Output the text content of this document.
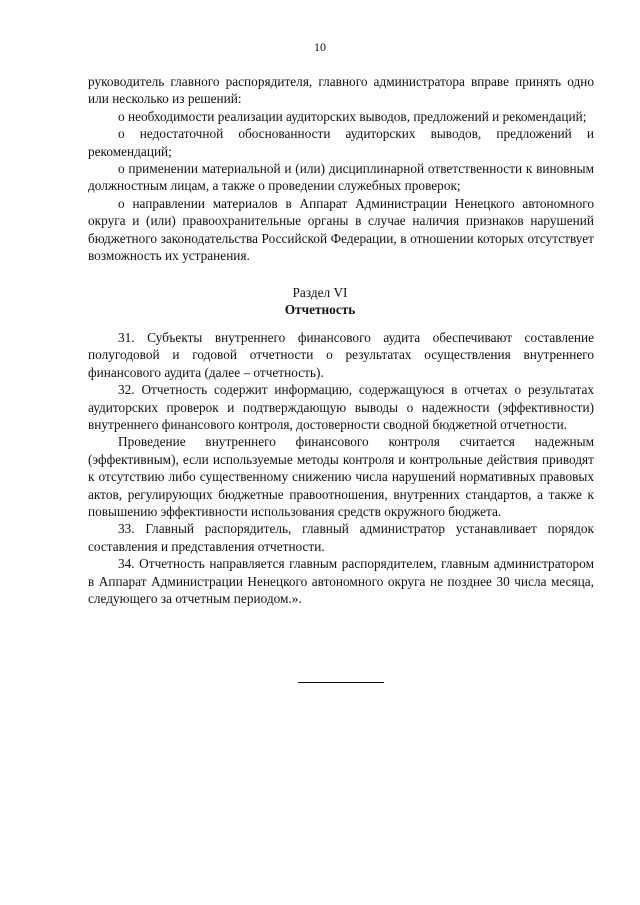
10

руководитель главного распорядителя, главного администратора вправе принять одно или несколько из решений:

о необходимости реализации аудиторских выводов, предложений и рекомендаций;

о недостаточной обоснованности аудиторских выводов, предложений и рекомендаций;

о применении материальной и (или) дисциплинарной ответственности к виновным должностным лицам, а также о проведении служебных проверок;

о направлении материалов в Аппарат Администрации Ненецкого автономного округа и (или) правоохранительные органы в случае наличия признаков нарушений бюджетного законодательства Российской Федерации, в отношении которых отсутствует возможность их устранения.

Раздел VI
Отчетность

31. Субъекты внутреннего финансового аудита обеспечивают составление полугодовой и годовой отчетности о результатах осуществления внутреннего финансового аудита (далее – отчетность).

32. Отчетность содержит информацию, содержащуюся в отчетах о результатах аудиторских проверок и подтверждающую выводы о надежности (эффективности) внутреннего финансового контроля, достоверности сводной бюджетной отчетности.

Проведение внутреннего финансового контроля считается надежным (эффективным), если используемые методы контроля и контрольные действия приводят к отсутствию либо существенному снижению числа нарушений нормативных правовых актов, регулирующих бюджетные правоотношения, внутренних стандартов, а также к повышению эффективности использования средств окружного бюджета.

33. Главный распорядитель, главный администратор устанавливает порядок составления и представления отчетности.

34. Отчетность направляется главным распорядителем, главным администратором в Аппарат Администрации Ненецкого автономного округа не позднее 30 числа месяца, следующего за отчетным периодом.».
